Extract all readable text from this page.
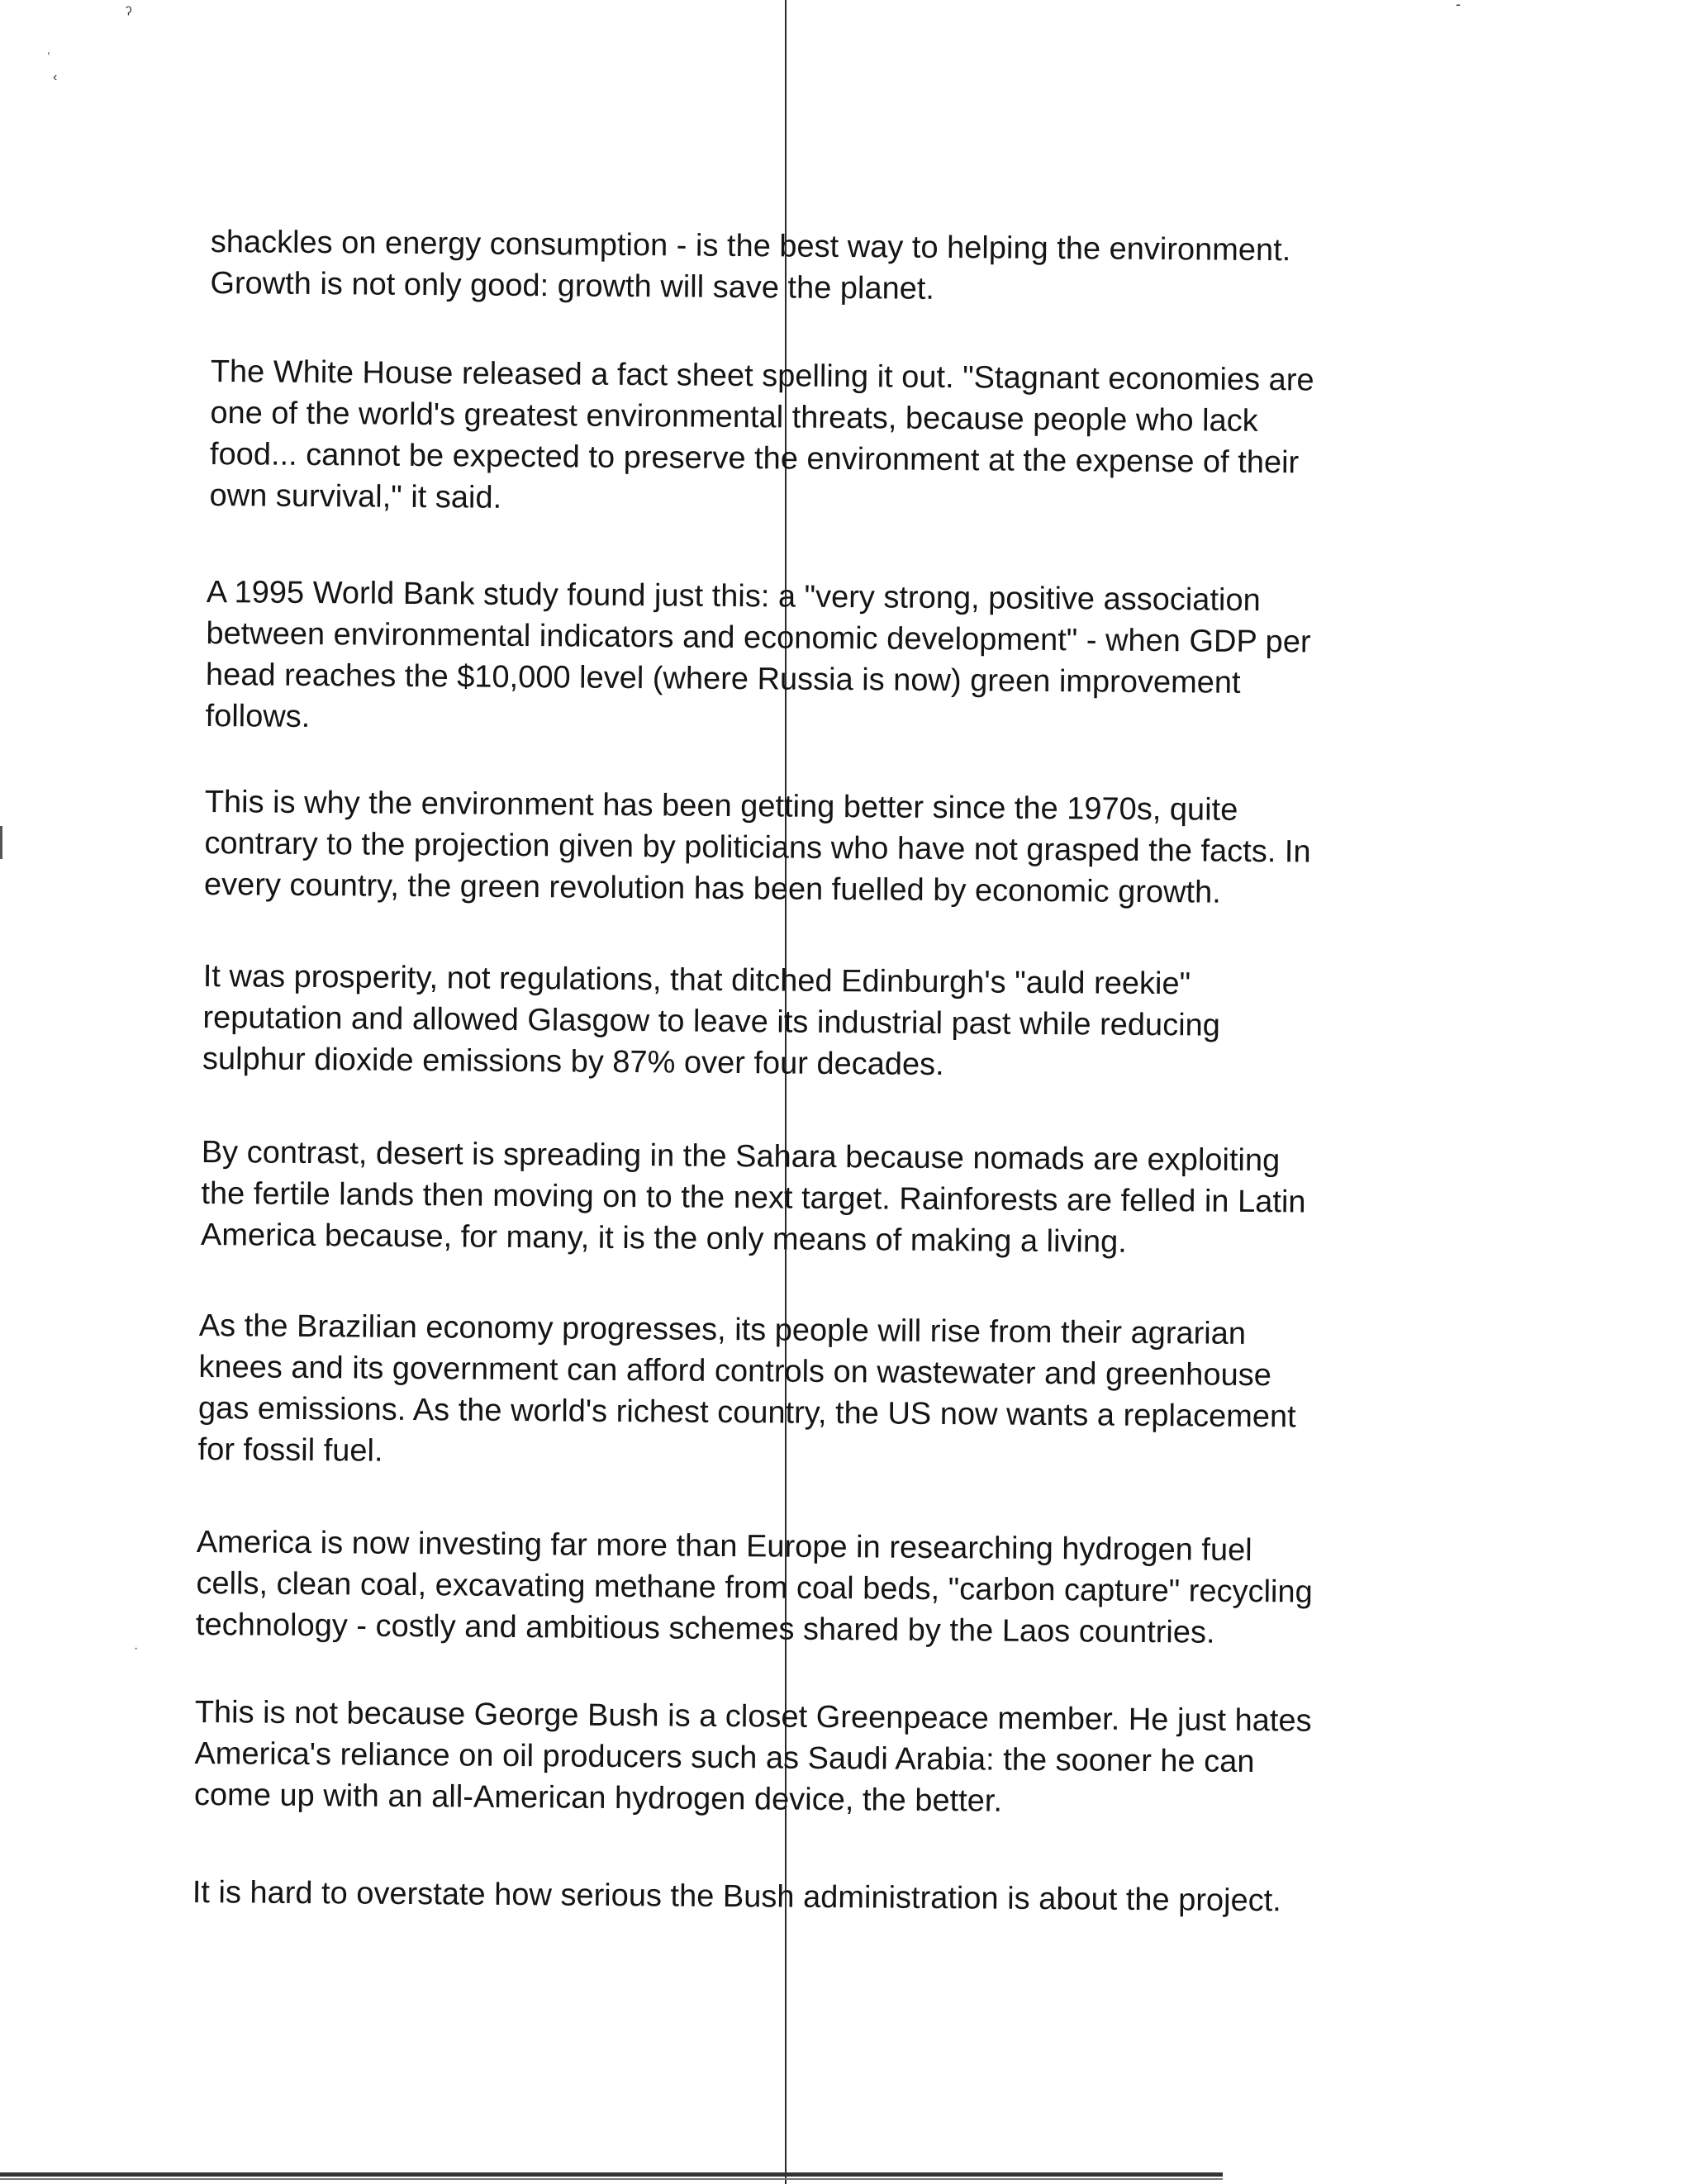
ˀ
ʿ
‹
‐
·
shackles on energy consumption - is the best way to helping the environment.
Growth is not only good: growth will save the planet.
The White House released a fact sheet spelling it out. "Stagnant economies are
one of the world's greatest environmental threats, because people who lack
food... cannot be expected to preserve the environment at the expense of their
own survival," it said.
A 1995 World Bank study found just this: a "very strong, positive association
between environmental indicators and economic development" - when GDP per
head reaches the $10,000 level (where Russia is now) green improvement
follows.
This is why the environment has been getting better since the 1970s, quite
contrary to the projection given by politicians who have not grasped the facts. In
every country, the green revolution has been fuelled by economic growth.
It was prosperity, not regulations, that ditched Edinburgh's "auld reekie"
reputation and allowed Glasgow to leave its industrial past while reducing
sulphur dioxide emissions by 87% over four decades.
By contrast, desert is spreading in the Sahara because nomads are exploiting
the fertile lands then moving on to the next target. Rainforests are felled in Latin
America because, for many, it is the only means of making a living.
As the Brazilian economy progresses, its people will rise from their agrarian
knees and its government can afford controls on wastewater and greenhouse
gas emissions. As the world's richest country, the US now wants a replacement
for fossil fuel.
America is now investing far more than Europe in researching hydrogen fuel
cells, clean coal, excavating methane from coal beds, "carbon capture" recycling
technology - costly and ambitious schemes shared by the Laos countries.
This is not because George Bush is a closet Greenpeace member. He just hates
America's reliance on oil producers such as Saudi Arabia: the sooner he can
come up with an all-American hydrogen device, the better.
It is hard to overstate how serious the Bush administration is about the project.
